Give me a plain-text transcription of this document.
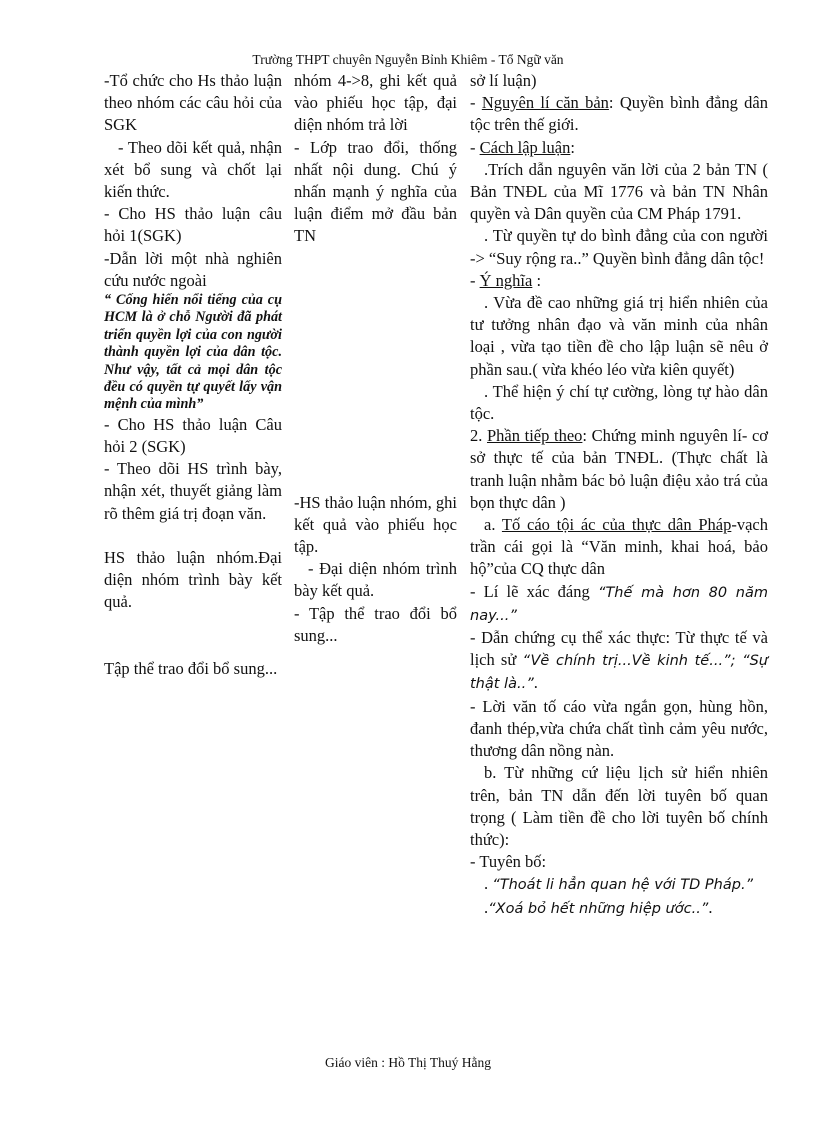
Trường THPT chuyên Nguyễn Bỉnh Khiêm - Tổ Ngữ văn

-Tổ chức cho Hs thảo luận theo nhóm các câu hỏi của SGK

- Theo dõi kết quả, nhận xét bổ sung và chốt lại kiến thức.

- Cho HS thảo luận câu hỏi 1(SGK)

-Dẫn lời một nhà nghiên cứu nước ngoài

“ Cống hiến nổi tiếng của cụ HCM là ở chỗ Người đã phát triển quyền lợi của con người thành quyền lợi của dân tộc. Như vậy, tất cả mọi dân tộc đều có quyền tự quyết lấy vận mệnh của mình”

- Cho HS thảo luận Câu hỏi 2 (SGK)

- Theo dõi HS trình bày, nhận xét, thuyết giảng làm rõ thêm giá trị đoạn văn.

HS thảo luận nhóm.Đại diện nhóm trình bày kết quả.

Tập thể trao đổi bổ sung...

nhóm 4->8, ghi kết quả vào phiếu học tập, đại diện nhóm trả lời

- Lớp trao đổi, thống nhất nội dung. Chú ý nhấn mạnh ý nghĩa của luận điểm mở đầu bản TN

-HS thảo luận nhóm, ghi kết quả vào phiếu học tập.

- Đại diện nhóm trình bày kết quả.

- Tập thể trao đổi bổ sung...

sở lí luận)

- Nguyên lí căn bản: Quyền bình đẳng dân tộc trên thế giới.

- Cách lập luận:

.Trích dẫn nguyên văn lời của 2 bản TN ( Bản TNĐL của Mĩ 1776 và bản TN Nhân quyền và Dân quyền của CM Pháp 1791.

. Từ quyền tự do bình đẳng của con người -> “Suy rộng ra..” Quyền bình đẳng dân tộc!

- Ý nghĩa :

. Vừa đề cao những giá trị hiển nhiên của tư tưởng nhân đạo và văn minh của nhân loại , vừa tạo tiền đề cho lập luận sẽ nêu ở phần sau.( vừa khéo léo vừa kiên quyết)

. Thể hiện ý chí tự cường, lòng tự hào dân tộc.

2. Phần tiếp theo: Chứng minh nguyên lí- cơ sở thực tế của bản TNĐL. (Thực chất là tranh luận nhằm bác bỏ luận điệu xảo trá của bọn thực dân )

a. Tố cáo tội ác của thực dân Pháp-vạch trần cái gọi là “Văn minh, khai hoá, bảo hộ”của CQ thực dân

- Lí lẽ xác đáng “Thế mà hơn 80 năm nay...”

- Dẫn chứng cụ thể xác thực: Từ thực tế và lịch sử “Về chính trị...Về kinh tế...”; “Sự thật là..”.

- Lời văn tố cáo vừa ngắn gọn, hùng hồn, đanh thép,vừa chứa chất tình cảm yêu nước, thương dân nồng nàn.

b. Từ những cứ liệu lịch sử hiển nhiên trên, bản TN dẫn đến lời tuyên bố quan trọng ( Làm tiền đề cho lời tuyên bố chính thức):

- Tuyên bố:

. “Thoát li hẳn quan hệ với TD Pháp.”

.“Xoá bỏ hết những hiệp ước..”.

Giáo viên : Hồ Thị Thuý Hằng
